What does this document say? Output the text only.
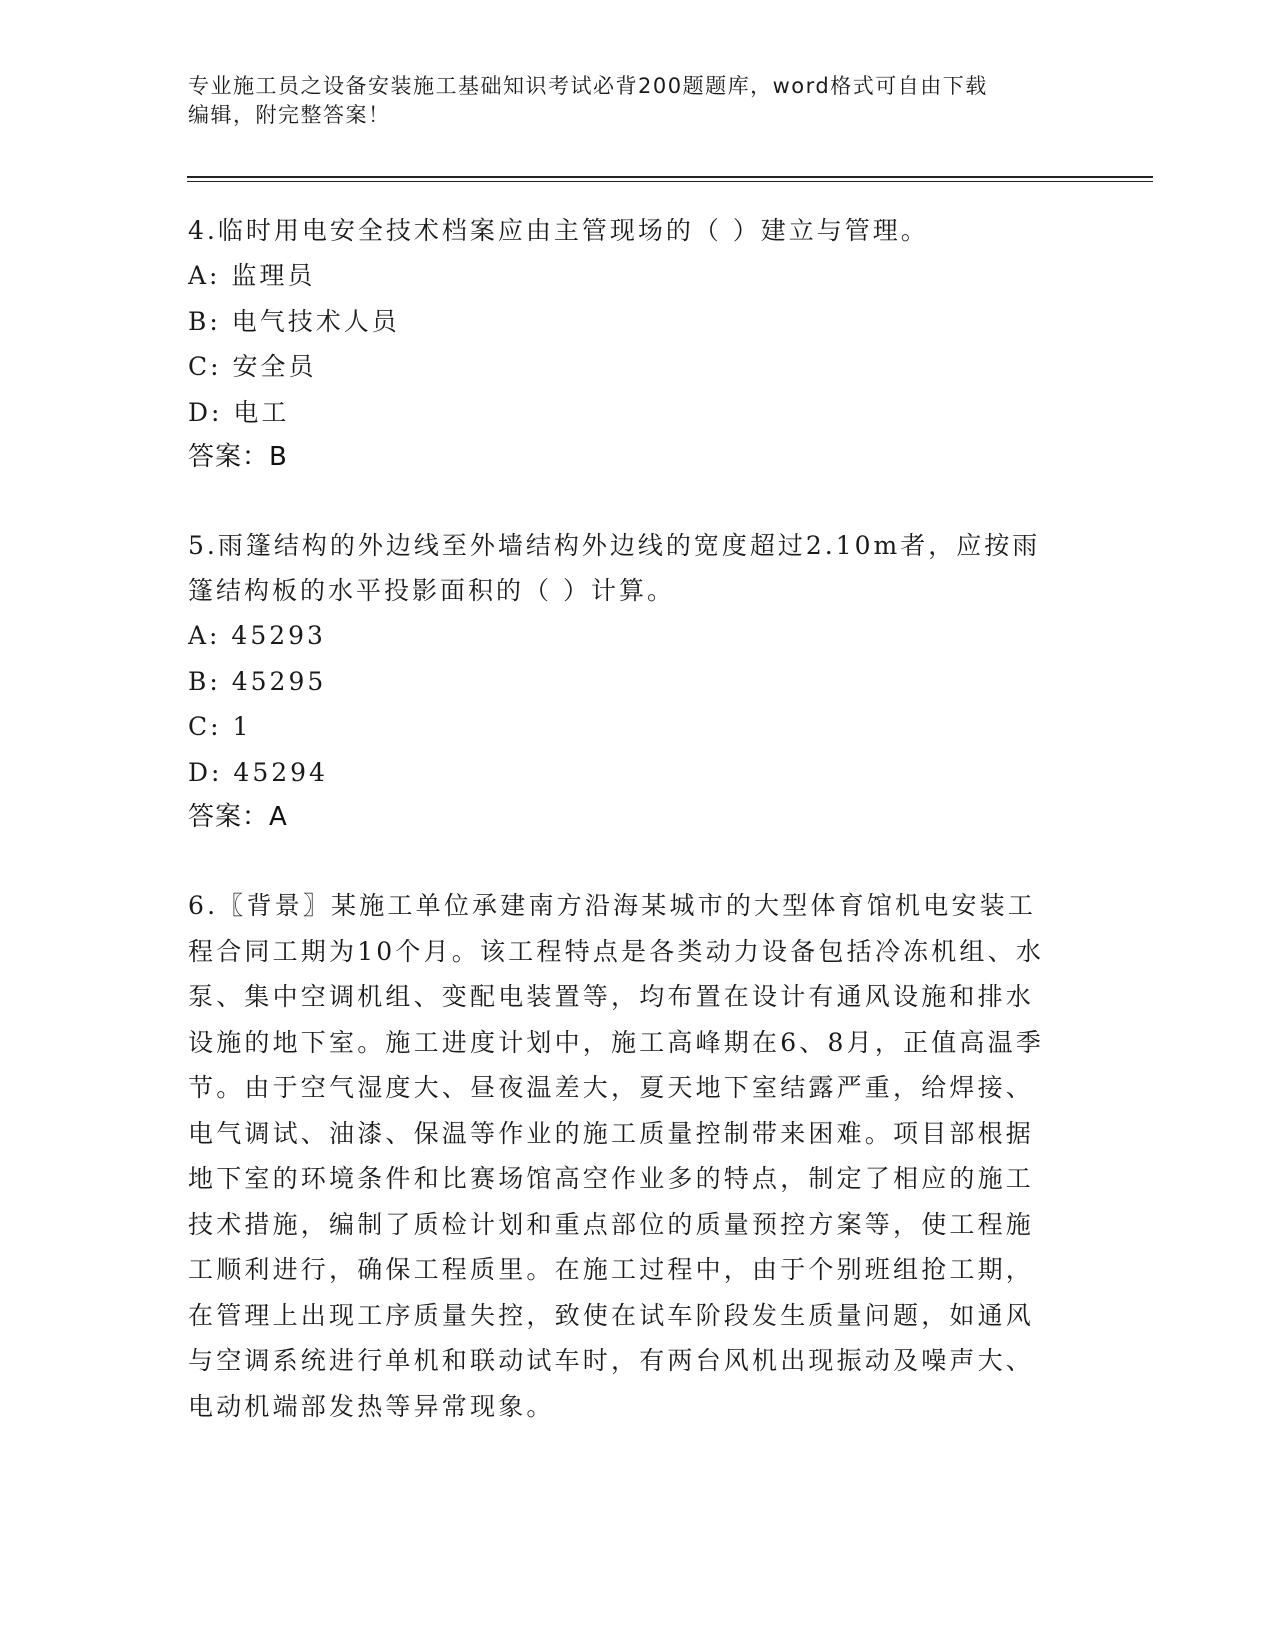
专业施工员之设备安装施工基础知识考试必背200题题库，word格式可自由下载
编辑，附完整答案！

4.临时用电安全技术档案应由主管现场的（ ）建立与管理。

A: 监理员

B: 电气技术人员

C: 安全员

D: 电工

答案：B

5.雨篷结构的外边线至外墙结构外边线的宽度超过2.10m者，应按雨

篷结构板的水平投影面积的（ ）计算。

A: 45293

B: 45295

C: 1

D: 45294

答案：A

6.〖背景〗某施工单位承建南方沿海某城市的大型体育馆机电安装工

程合同工期为10个月。该工程特点是各类动力设备包括冷冻机组、水

泵、集中空调机组、变配电装置等，均布置在设计有通风设施和排水

设施的地下室。施工进度计划中，施工高峰期在6、8月，正值高温季

节。由于空气湿度大、昼夜温差大，夏天地下室结露严重，给焊接、

电气调试、油漆、保温等作业的施工质量控制带来困难。项目部根据

地下室的环境条件和比赛场馆高空作业多的特点，制定了相应的施工

技术措施，编制了质检计划和重点部位的质量预控方案等，使工程施

工顺利进行，确保工程质里。在施工过程中，由于个别班组抢工期，

在管理上出现工序质量失控，致使在试车阶段发生质量问题，如通风

与空调系统进行单机和联动试车时，有两台风机出现振动及噪声大、

电动机端部发热等异常现象。
